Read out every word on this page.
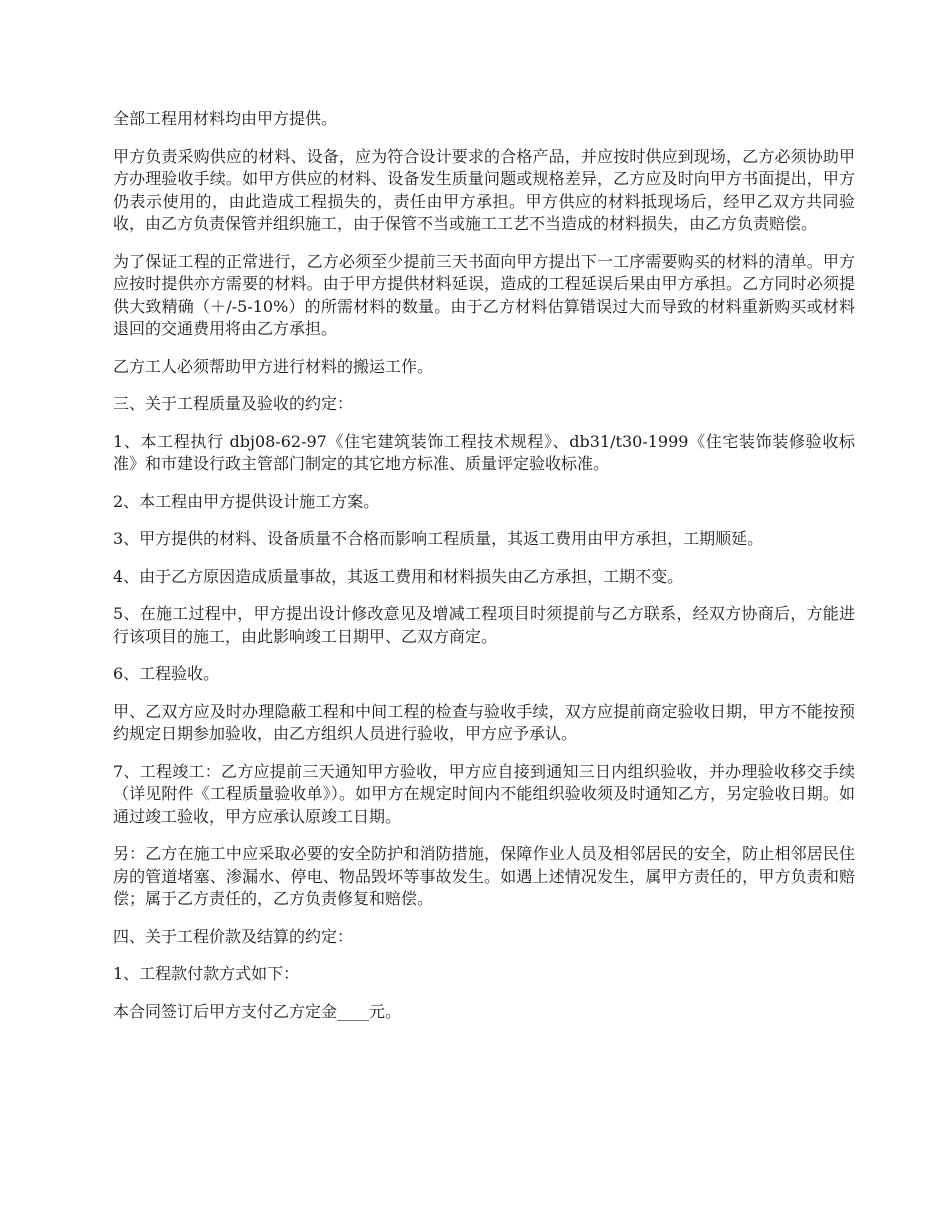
全部工程用材料均由甲方提供。

甲方负责采购供应的材料、设备，应为符合设计要求的合格产品，并应按时供应到现场，乙方必须协助甲方办理验收手续。如甲方供应的材料、设备发生质量问题或规格差异，乙方应及时向甲方书面提出，甲方仍表示使用的，由此造成工程损失的，责任由甲方承担。甲方供应的材料抵现场后，经甲乙双方共同验收，由乙方负责保管并组织施工，由于保管不当或施工工艺不当造成的材料损失，由乙方负责赔偿。

为了保证工程的正常进行，乙方必须至少提前三天书面向甲方提出下一工序需要购买的材料的清单。甲方应按时提供亦方需要的材料。由于甲方提供材料延误，造成的工程延误后果由甲方承担。乙方同时必须提供大致精确（＋/-5-10%）的所需材料的数量。由于乙方材料估算错误过大而导致的材料重新购买或材料退回的交通费用将由乙方承担。

乙方工人必须帮助甲方进行材料的搬运工作。

三、关于工程质量及验收的约定：

1、本工程执行 dbj08-62-97《住宅建筑装饰工程技术规程》、db31/t30-1999《住宅装饰装修验收标准》和市建设行政主管部门制定的其它地方标准、质量评定验收标准。

2、本工程由甲方提供设计施工方案。

3、甲方提供的材料、设备质量不合格而影响工程质量，其返工费用由甲方承担，工期顺延。

4、由于乙方原因造成质量事故，其返工费用和材料损失由乙方承担，工期不变。

5、在施工过程中，甲方提出设计修改意见及增减工程项目时须提前与乙方联系，经双方协商后，方能进行该项目的施工，由此影响竣工日期甲、乙双方商定。

6、工程验收。

甲、乙双方应及时办理隐蔽工程和中间工程的检查与验收手续，双方应提前商定验收日期，甲方不能按预约规定日期参加验收，由乙方组织人员进行验收，甲方应予承认。

7、工程竣工：乙方应提前三天通知甲方验收，甲方应自接到通知三日内组织验收，并办理验收移交手续（详见附件《工程质量验收单》）。如甲方在规定时间内不能组织验收须及时通知乙方，另定验收日期。如通过竣工验收，甲方应承认原竣工日期。

另：乙方在施工中应采取必要的安全防护和消防措施，保障作业人员及相邻居民的安全，防止相邻居民住房的管道堵塞、渗漏水、停电、物品毁坏等事故发生。如遇上述情况发生，属甲方责任的，甲方负责和赔偿；属于乙方责任的，乙方负责修复和赔偿。

四、关于工程价款及结算的约定：

1、工程款付款方式如下：

本合同签订后甲方支付乙方定金____元。
